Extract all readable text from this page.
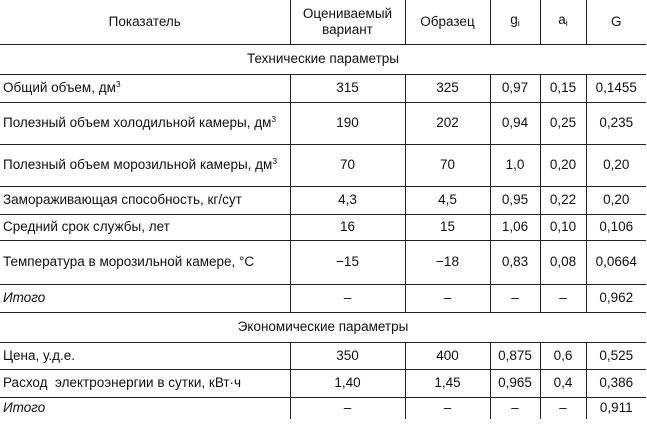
Показатель	Оцениваемый вариант	Образец	$g_i$	$a_i$	G
Технические параметры					
Общий объем, $дм^3$	315	325	0,97	0,15	0,1455
Полезный объем холодильной камеры, $дм^3$	190	202	0,94	0,25	0,235
Полезный объем морозильной камеры, $дм^3$	70	70	1,0	0,20	0,20
Замораживающая способность, кг/сут	4,3	4,5	0,95	0,22	0,20
Средний срок службы, лет	16	15	1,06	0,10	0,106
Температура в морозильной камере, °С	−15	−18	0,83	0,08	0,0664
Итого	–	–	–	–	0,962
Экономические параметры					
Цена, у.д.е.	350	400	0,875	0,6	0,525
Расход  электроэнергии в сутки, кВт·ч	1,40	1,45	0,965	0,4	0,386
Итого	–	–	–	–	0,911
